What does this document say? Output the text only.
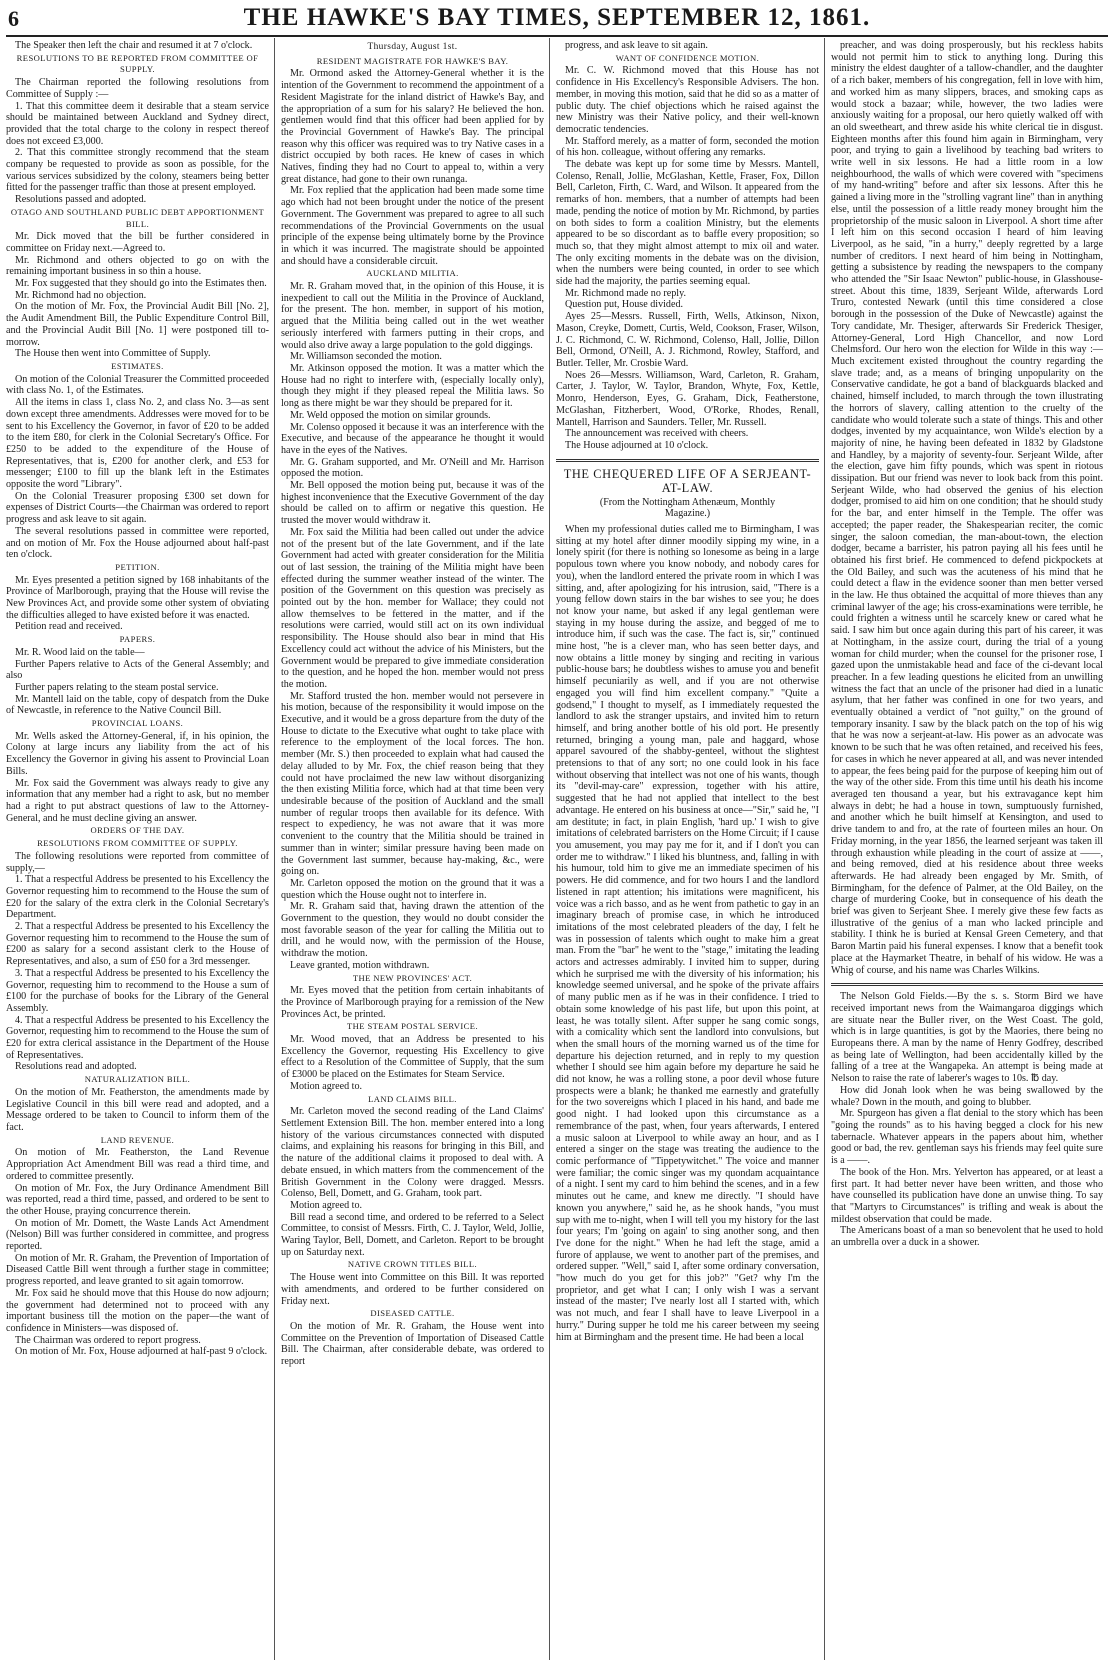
6	THE HAWKE'S BAY TIMES, SEPTEMBER 12, 1861.
The Speaker then left the chair and resumed it at 7 o'clock.
RESOLUTIONS TO BE REPORTED FROM COMMITTEE OF SUPPLY.
The Chairman reported the following resolutions from Committee of Supply :—
1. That this committee deem it desirable that a steam service should be maintained between Auckland and Sydney direct, provided that the total charge to the colony in respect thereof does not exceed £3,000.
2. That this committee strongly recommend that the steam company be requested to provide as soon as possible, for the various services subsidized by the colony, steamers being better fitted for the passenger traffic than those at present employed.
Resolutions passed and adopted.
OTAGO AND SOUTHLAND PUBLIC DEBT APPORTIONMENT BILL.
Mr. Dick moved that the bill be further considered in committee on Friday next.—Agreed to.
Mr. Richmond and others objected to go on with the remaining important business in so thin a house.
Mr. Fox suggested that they should go into the Estimates then.
Mr. Richmond had no objection.
On the motion of Mr. Fox, the Provincial Audit Bill [No. 2], the Audit Amendment Bill, the Public Expenditure Control Bill, and the Provincial Audit Bill [No. 1] were postponed till to-morrow.
The House then went into Committee of Supply.
ESTIMATES.
On motion of the Colonial Treasurer the Committed proceeded with class No. 1, of the Estimates.
All the items in class 1, class No. 2, and class No. 3—as sent down except three amendments. Addresses were moved for to be sent to his Excellency the Governor, in favor of £20 to be added to the item £80, for clerk in the Colonial Secretary's Office. For £250 to be added to the expenditure of the House of Representatives, that is, £200 for another clerk, and £53 for messenger; £100 to fill up the blank left in the Estimates opposite the word "Library".
On the Colonial Treasurer proposing £300 set down for expenses of District Courts—the Chairman was ordered to report progress and ask leave to sit again.
The several resolutions passed in committee were reported, and on motion of Mr. Fox the House adjourned about half-past ten o'clock.
PETITION.
Mr. Eyes presented a petition signed by 168 inhabitants of the Province of Marlborough, praying that the House will revise the New Provinces Act, and provide some other system of obviating the difficulties alleged to have existed before it was enacted.
Petition read and received.
PAPERS.
Mr. R. Wood laid on the table—
Further Papers relative to Acts of the General Assembly; and also
Further papers relating to the steam postal service.
Mr. Mantell laid on the table, copy of despatch from the Duke of Newcastle, in reference to the Native Council Bill.
PROVINCIAL LOANS.
Mr. Wells asked the Attorney-General, if, in his opinion, the Colony at large incurs any liability from the act of his Excellency the Governor in giving his assent to Provincial Loan Bills.
Mr. Fox said the Government was always ready to give any information that any member had a right to ask, but no member had a right to put abstract questions of law to the Attorney-General, and he must decline giving an answer.
ORDERS OF THE DAY.
RESOLUTIONS FROM COMMITTEE OF SUPPLY.
The following resolutions were reported from committee of supply,—
1. That a respectful Address be presented to his Excellency the Governor requesting him to recommend to the House the sum of £20 for the salary of the extra clerk in the Colonial Secretary's Department.
2. That a respectful Address be presented to his Excellency the Governor requesting him to recommend to the House the sum of £200 as salary for a second assistant clerk to the House of Representatives, and also, a sum of £50 for a 3rd messenger.
3. That a respectful Address be presented to his Excellency the Governor, requesting him to recommend to the House a sum of £100 for the purchase of books for the Library of the General Assembly.
4. That a respectful Address be presented to his Excellency the Governor, requesting him to recommend to the House the sum of £20 for extra clerical assistance in the Department of the House of Representatives.
Resolutions read and adopted.
NATURALIZATION BILL.
On the motion of Mr. Featherston, the amendments made by Legislative Council in this bill were read and adopted, and a Message ordered to be taken to Council to inform them of the fact.
LAND REVENUE.
On motion of Mr. Featherston, the Land Revenue Appropriation Act Amendment Bill was read a third time, and ordered to committee presently.
On motion of Mr. Fox, the Jury Ordinance Amendment Bill was reported, read a third time, passed, and ordered to be sent to the other House, praying concurrence therein.
On motion of Mr. Domett, the Waste Lands Act Amendment (Nelson) Bill was further considered in committee, and progress reported.
On motion of Mr. R. Graham, the Prevention of Importation of Diseased Cattle Bill went through a further stage in committee; progress reported, and leave granted to sit again tomorrow.
Mr. Fox said he should move that this House do now adjourn; the government had determined not to proceed with any important business till the motion on the paper—the want of confidence in Ministers—was disposed of.
The Chairman was ordered to report progress.
On motion of Mr. Fox, House adjourned at half-past 9 o'clock.
Thursday, August 1st.
RESIDENT MAGISTRATE FOR HAWKE'S BAY.
Mr. Ormond asked the Attorney-General whether it is the intention of the Government to recommend the appointment of a Resident Magistrate for the inland district of Hawke's Bay, and the appropriation of a sum for his salary? He believed the hon. gentlemen would find that this officer had been applied for by the Provincial Government of Hawke's Bay. The principal reason why this officer was required was to try Native cases in a district occupied by both races. He knew of cases in which Natives, finding they had no Court to appeal to, within a very great distance, had gone to their own runanga.
Mr. Fox replied that the application had been made some time ago which had not been brought under the notice of the present Government. The Government was prepared to agree to all such recommendations of the Provincial Governments on the usual principle of the expense being ultimately borne by the Province in which it was incurred. The magistrate should be appointed and should have a considerable circuit.
AUCKLAND MILITIA.
Mr. R. Graham moved that, in the opinion of this House, it is inexpedient to call out the Militia in the Province of Auckland, for the present. The hon. member, in support of his motion, argued that the Militia being called out in the wet weather seriously interfered with farmers putting in their crops, and would also drive away a large population to the gold diggings.
Mr. Williamson seconded the motion.
Mr. Atkinson opposed the motion. It was a matter which the House had no right to interfere with, (especially locally only), though they might if they pleased repeal the Militia laws. So long as there might be war they should be prepared for it.
Mr. Weld opposed the motion on similar grounds.
Mr. Colenso opposed it because it was an interference with the Executive, and because of the appearance he thought it would have in the eyes of the Natives.
Mr. G. Graham supported, and Mr. O'Neill and Mr. Harrison opposed the motion.
Mr. Bell opposed the motion being put, because it was of the highest inconvenience that the Executive Government of the day should be called on to affirm or negative this question. He trusted the mover would withdraw it.
Mr. Fox said the Militia had been called out under the advice not of the present but of the late Government, and if the late Government had acted with greater consideration for the Militia out of last session, the training of the Militia might have been effected during the summer weather instead of the winter. The position of the Government on this question was precisely as pointed out by the hon. member for Wallace; they could not allow themselves to be fettered in the matter, and if the resolutions were carried, would still act on its own individual responsibility. The House should also bear in mind that His Excellency could act without the advice of his Ministers, but the Government would be prepared to give immediate consideration to the question, and he hoped the hon. member would not press the motion.
Mr. Stafford trusted the hon. member would not persevere in his motion, because of the responsibility it would impose on the Executive, and it would be a gross departure from the duty of the House to dictate to the Executive what ought to take place with reference to the employment of the local forces. The hon. member (Mr. S.) then proceeded to explain what had caused the delay alluded to by Mr. Fox, the chief reason being that they could not have proclaimed the new law without disorganizing the then existing Militia force, which had at that time been very undesirable because of the position of Auckland and the small number of regular troops then available for its defence. With respect to expediency, he was not aware that it was more convenient to the country that the Militia should be trained in summer than in winter; similar pressure having been made on the Government last summer, because hay-making, &c., were going on.
Mr. Carleton opposed the motion on the ground that it was a question which the House ought not to interfere in.
Mr. R. Graham said that, having drawn the attention of the Government to the question, they would no doubt consider the most favorable season of the year for calling the Militia out to drill, and he would now, with the permission of the House, withdraw the motion.
Leave granted, motion withdrawn.
THE NEW PROVINCES' ACT.
Mr. Eyes moved that the petition from certain inhabitants of the Province of Marlborough praying for a remission of the New Provinces Act, be printed.
THE STEAM POSTAL SERVICE.
Mr. Wood moved, that an Address be presented to his Excellency the Governor, requesting His Excellency to give effect to a Resolution of the Committee of Supply, that the sum of £3000 be placed on the Estimates for Steam Service.
Motion agreed to.
LAND CLAIMS BILL.
Mr. Carleton moved the second reading of the Land Claims' Settlement Extension Bill. The hon. member entered into a long history of the various circumstances connected with disputed claims, and explaining his reasons for bringing in this Bill, and the nature of the additional claims it proposed to deal with. A debate ensued, in which matters from the commencement of the British Government in the Colony were dragged. Messrs. Colenso, Bell, Domett, and G. Graham, took part.
Motion agreed to.
Bill read a second time, and ordered to be referred to a Select Committee, to consist of Messrs. Firth, C. J. Taylor, Weld, Jollie, Waring Taylor, Bell, Domett, and Carleton. Report to be brought up on Saturday next.
NATIVE CROWN TITLES BILL.
The House went into Committee on this Bill. It was reported with amendments, and ordered to be further considered on Friday next.
DISEASED CATTLE.
On the motion of Mr. R. Graham, the House went into Committee on the Prevention of Importation of Diseased Cattle Bill. The Chairman, after considerable debate, was ordered to report
progress, and ask leave to sit again.
WANT OF CONFIDENCE MOTION.
Mr. C. W. Richmond moved that this House has not confidence in His Excellency's Responsible Advisers. The hon. member, in moving this motion, said that he did so as a matter of public duty. The chief objections which he raised against the new Ministry was their Native policy, and their well-known democratic tendencies.
Mr. Stafford merely, as a matter of form, seconded the motion of his hon. colleague, without offering any remarks.
The debate was kept up for some time by Messrs. Mantell, Colenso, Renall, Jollie, McGlashan, Kettle, Fraser, Fox, Dillon Bell, Carleton, Firth, C. Ward, and Wilson. It appeared from the remarks of hon. members, that a number of attempts had been made, pending the notice of motion by Mr. Richmond, by parties on both sides to form a coalition Ministry, but the elements appeared to be so discordant as to baffle every proposition; so much so, that they might almost attempt to mix oil and water. The only exciting moments in the debate was on the division, when the numbers were being counted, in order to see which side had the majority, the parties seeming equal.
Mr. Richmond made no reply.
Question put, House divided.
Ayes 25—Messrs. Russell, Firth, Wells, Atkinson, Nixon, Mason, Creyke, Domett, Curtis, Weld, Cookson, Fraser, Wilson, J. C. Richmond, C. W. Richmond, Colenso, Hall, Jollie, Dillon Bell, Ormond, O'Neill, A. J. Richmond, Rowley, Stafford, and Butler. Teller, Mr. Crosbie Ward.
Noes 26—Messrs. Williamson, Ward, Carleton, R. Graham, Carter, J. Taylor, W. Taylor, Brandon, Whyte, Fox, Kettle, Monro, Henderson, Eyes, G. Graham, Dick, Featherstone, McGlashan, Fitzherbert, Wood, O'Rorke, Rhodes, Renall, Mantell, Harrison and Saunders. Teller, Mr. Russell.
The announcement was received with cheers.
The House adjourned at 10 o'clock.
THE CHEQUERED LIFE OF A SERJEANT-AT-LAW.
(From the Nottingham Athenæum, Monthly
Magazine.)
When my professional duties called me to Birmingham, I was sitting at my hotel after dinner moodily sipping my wine, in a lonely spirit (for there is nothing so lonesome as being in a large populous town where you know nobody, and nobody cares for you), when the landlord entered the private room in which I was sitting, and, after apologizing for his intrusion, said, "There is a young fellow down stairs in the bar wishes to see you; he does not know your name, but asked if any legal gentleman were staying in my house during the assize, and begged of me to introduce him, if such was the case. The fact is, sir," continued mine host, "he is a clever man, who has seen better days, and now obtains a little money by singing and reciting in various public-house bars; he doubtless wishes to amuse you and benefit himself pecuniarily as well, and if you are not otherwise engaged you will find him excellent company." "Quite a godsend," I thought to myself, as I immediately requested the landlord to ask the stranger upstairs, and invited him to return himself, and bring another bottle of his old port. He presently returned, bringing a young man, pale and haggard, whose apparel savoured of the shabby-genteel, without the slightest pretensions to that of any sort; no one could look in his face without observing that intellect was not one of his wants, though its "devil-may-care" expression, together with his attire, suggested that he had not applied that intellect to the best advantage. He entered on his business at once—"Sir," said he, "I am destitute; in fact, in plain English, 'hard up.' I wish to give imitations of celebrated barristers on the Home Circuit; if I cause you amusement, you may pay me for it, and if I don't you can order me to withdraw." I liked his bluntness, and, falling in with his humour, told him to give me an immediate specimen of his powers. He did commence, and for two hours I and the landlord listened in rapt attention; his imitations were magnificent, his voice was a rich basso, and as he went from pathetic to gay in an imaginary breach of promise case, in which he introduced imitations of the most celebrated pleaders of the day, I felt he was in possession of talents which ought to make him a great man. From the "bar" he went to the "stage," imitating the leading actors and actresses admirably. I invited him to supper, during which he surprised me with the diversity of his information; his knowledge seemed universal, and he spoke of the private affairs of many public men as if he was in their confidence. I tried to obtain some knowledge of his past life, but upon this point, at least, he was totally silent. After supper he sang comic songs, with a comicality which sent the landlord into convulsions, but when the small hours of the morning warned us of the time for departure his dejection returned, and in reply to my question whether I should see him again before my departure he said he did not know, he was a rolling stone, a poor devil whose future prospects were a blank; he thanked me earnestly and gratefully for the two sovereigns which I placed in his hand, and bade me good night. I had looked upon this circumstance as a remembrance of the past, when, four years afterwards, I entered a music saloon at Liverpool to while away an hour, and as I entered a singer on the stage was treating the audience to the comic performance of "Tippetywitchet." The voice and manner were familiar; the comic singer was my quondam acquaintance of a night. I sent my card to him behind the scenes, and in a few minutes out he came, and knew me directly. "I should have known you anywhere," said he, as he shook hands, "you must sup with me to-night, when I will tell you my history for the last four years; I'm 'going on again' to sing another song, and then I've done for the night." When he had left the stage, amid a furore of applause, we went to another part of the premises, and ordered supper. "Well," said I, after some ordinary conversation, "how much do you get for this job?" "Get? why I'm the proprietor, and get what I can; I only wish I was a servant instead of the master; I've nearly lost all I started with, which was not much, and fear I shall have to leave Liverpool in a hurry." During supper he told me his career between my seeing him at Birmingham and the present time. He had been a local
preacher, and was doing prosperously, but his reckless habits would not permit him to stick to anything long. During this ministry the eldest daughter of a tallow-chandler, and the daughter of a rich baker, members of his congregation, fell in love with him, and worked him as many slippers, braces, and smoking caps as would stock a bazaar; while, however, the two ladies were anxiously waiting for a proposal, our hero quietly walked off with an old sweetheart, and threw aside his white clerical tie in disgust. Eighteen months after this found him again in Birmingham, very poor, and trying to gain a livelihood by teaching bad writers to write well in six lessons. He had a little room in a low neighbourhood, the walls of which were covered with "specimens of my hand-writing" before and after six lessons. After this he gained a living more in the "strolling vagrant line" than in anything else, until the possession of a little ready money brought him the proprietorship of the music saloon in Liverpool. A short time after I left him on this second occasion I heard of him leaving Liverpool, as he said, "in a hurry," deeply regretted by a large number of creditors. I next heard of him being in Nottingham, getting a subsistence by reading the newspapers to the company who attended the "Sir Isaac Newton" public-house, in Glasshouse-street. About this time, 1839, Serjeant Wilde, afterwards Lord Truro, contested Newark (until this time considered a close borough in the possession of the Duke of Newcastle) against the Tory candidate, Mr. Thesiger, afterwards Sir Frederick Thesiger, Attorney-General, Lord High Chancellor, and now Lord Chelmsford. Our hero won the election for Wilde in this way :—Much excitement existed throughout the country regarding the slave trade; and, as a means of bringing unpopularity on the Conservative candidate, he got a band of blackguards blacked and chained, himself included, to march through the town illustrating the horrors of slavery, calling attention to the cruelty of the candidate who would tolerate such a state of things. This and other dodges, invented by my acquaintance, won Wilde's election by a majority of nine, he having been defeated in 1832 by Gladstone and Handley, by a majority of seventy-four. Serjeant Wilde, after the election, gave him fifty pounds, which was spent in riotous dissipation. But our friend was never to look back from this point. Serjeant Wilde, who had observed the genius of his election dodger, promised to aid him on one condition; that he should study for the bar, and enter himself in the Temple. The offer was accepted; the paper reader, the Shakespearian reciter, the comic singer, the saloon comedian, the man-about-town, the election dodger, became a barrister, his patron paying all his fees until he obtained his first brief. He commenced to defend pickpockets at the Old Bailey, and such was the acuteness of his mind that he could detect a flaw in the evidence sooner than men better versed in the law. He thus obtained the acquittal of more thieves than any criminal lawyer of the age; his cross-examinations were terrible, he could frighten a witness until he scarcely knew or cared what he said. I saw him but once again during this part of his career, it was at Nottingham, in the assize court, during the trial of a young woman for child murder; when the counsel for the prisoner rose, I gazed upon the unmistakable head and face of the ci-devant local preacher. In a few leading questions he elicited from an unwilling witness the fact that an uncle of the prisoner had died in a lunatic asylum, that her father was confined in one for two years, and eventually obtained a verdict of "not guilty," on the ground of temporary insanity. I saw by the black patch on the top of his wig that he was now a serjeant-at-law. His power as an advocate was known to be such that he was often retained, and received his fees, for cases in which he never appeared at all, and was never intended to appear, the fees being paid for the purpose of keeping him out of the way of the other side. From this time until his death his income averaged ten thousand a year, but his extravagance kept him always in debt; he had a house in town, sumptuously furnished, and another which he built himself at Kensington, and used to drive tandem to and fro, at the rate of fourteen miles an hour. On Friday morning, in the year 1856, the learned serjeant was taken ill through exhaustion while pleading in the court of assize at ——, and being removed, died at his residence about three weeks afterwards. He had already been engaged by Mr. Smith, of Birmingham, for the defence of Palmer, at the Old Bailey, on the charge of murdering Cooke, but in consequence of his death the brief was given to Serjeant Shee. I merely give these few facts as illustrative of the genius of a man who lacked principle and stability. I think he is buried at Kensal Green Cemetery, and that Baron Martin paid his funeral expenses. I know that a benefit took place at the Haymarket Theatre, in behalf of his widow. He was a Whig of course, and his name was Charles Wilkins.
The Nelson Gold Fields.—By the s. s. Storm Bird we have received important news from the Waimangaroa diggings which are situate near the Buller river, on the West Coast. The gold, which is in large quantities, is got by the Maories, there being no Europeans there. A man by the name of Henry Godfrey, described as being late of Wellington, had been accidentally killed by the falling of a tree at the Wangapeka. An attempt is being made at Nelson to raise the rate of laberer's wages to 10s. ℔ day.
How did Jonah look when he was being swallowed by the whale? Down in the mouth, and going to blubber.
Mr. Spurgeon has given a flat denial to the story which has been "going the rounds" as to his having begged a clock for his new tabernacle. Whatever appears in the papers about him, whether good or bad, the rev. gentleman says his friends may feel quite sure is a ——.
The book of the Hon. Mrs. Yelverton has appeared, or at least a first part. It had better never have been written, and those who have counselled its publication have done an unwise thing. To say that "Martyrs to Circumstances" is trifling and weak is about the mildest observation that could be made.
The Americans boast of a man so benevolent that he used to hold an umbrella over a duck in a shower.
